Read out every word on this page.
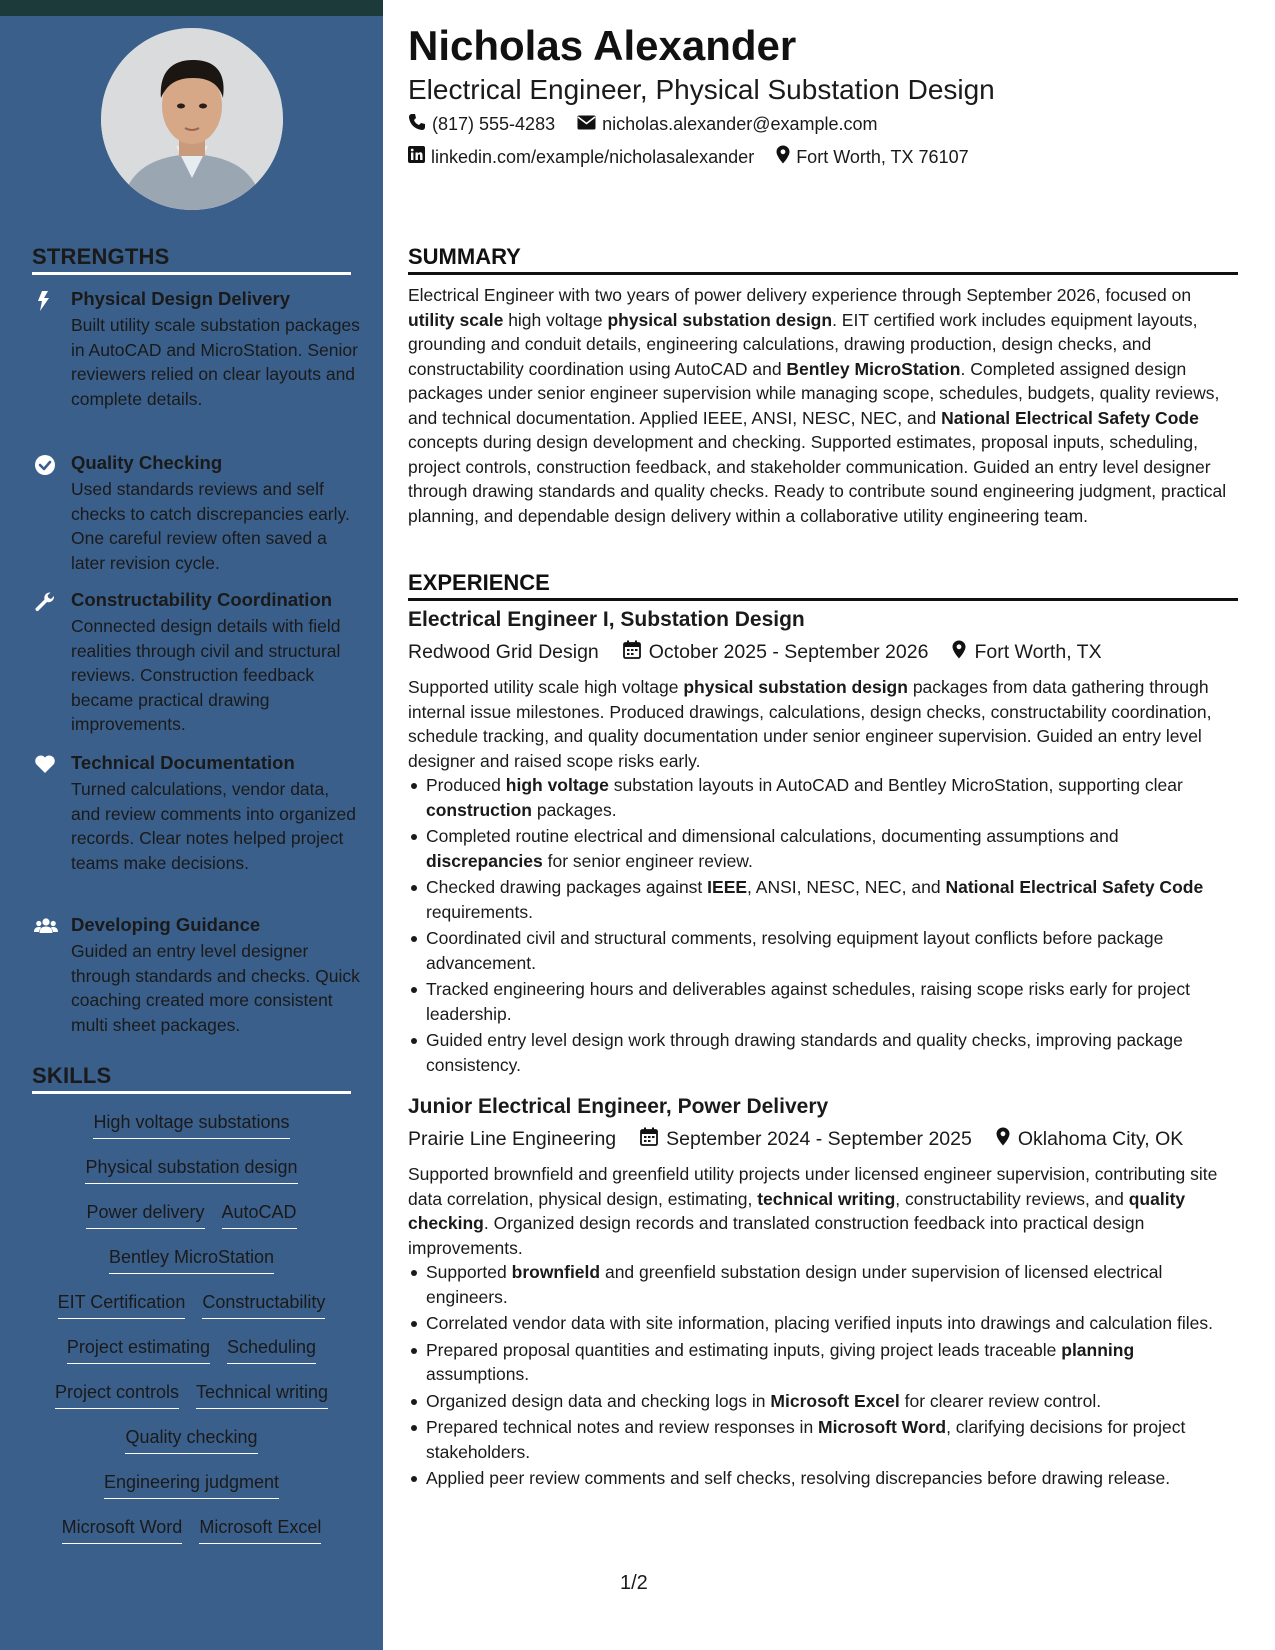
STRENGTHS
Physical Design Delivery
Built utility scale substation packages in AutoCAD and MicroStation. Senior reviewers relied on clear layouts and complete details.
Quality Checking
Used standards reviews and self checks to catch discrepancies early. One careful review often saved a later revision cycle.
Constructability Coordination
Connected design details with field realities through civil and structural reviews. Construction feedback became practical drawing improvements.
Technical Documentation
Turned calculations, vendor data, and review comments into organized records. Clear notes helped project teams make decisions.
Developing Guidance
Guided an entry level designer through standards and checks. Quick coaching created more consistent multi sheet packages.
SKILLS
High voltage substations
Physical substation design
Power delivery AutoCAD
Bentley MicroStation
EIT Certification Constructability
Project estimating Scheduling
Project controls Technical writing
Quality checking
Engineering judgment
Microsoft Word Microsoft Excel
Nicholas Alexander
Electrical Engineer, Physical Substation Design
(817) 555-4283	nicholas.alexander@example.com
linkedin.com/example/nicholasalexander Fort Worth, TX 76107
SUMMARY
Electrical Engineer with two years of power delivery experience through September 2026, focused on utility scale high voltage physical substation design. EIT certified work includes equipment layouts, grounding and conduit details, engineering calculations, drawing production, design checks, and constructability coordination using AutoCAD and Bentley MicroStation. Completed assigned design packages under senior engineer supervision while managing scope, schedules, budgets, quality reviews, and technical documentation. Applied IEEE, ANSI, NESC, NEC, and National Electrical Safety Code concepts during design development and checking. Supported estimates, proposal inputs, scheduling, project controls, construction feedback, and stakeholder communication. Guided an entry level designer through drawing standards and quality checks. Ready to contribute sound engineering judgment, practical planning, and dependable design delivery within a collaborative utility engineering team.
EXPERIENCE
Electrical Engineer I, Substation Design
Redwood Grid Design	October 2025 - September 2026 Fort Worth, TX
Supported utility scale high voltage physical substation design packages from data gathering through internal issue milestones. Produced drawings, calculations, design checks, constructability coordination, schedule tracking, and quality documentation under senior engineer supervision. Guided an entry level designer and raised scope risks early.
Produced high voltage substation layouts in AutoCAD and Bentley MicroStation, supporting clear construction packages.
Completed routine electrical and dimensional calculations, documenting assumptions and discrepancies for senior engineer review.
Checked drawing packages against IEEE, ANSI, NESC, NEC, and National Electrical Safety Code requirements.
Coordinated civil and structural comments, resolving equipment layout conflicts before package advancement.
Tracked engineering hours and deliverables against schedules, raising scope risks early for project leadership.
Guided entry level design work through drawing standards and quality checks, improving package consistency.
Junior Electrical Engineer, Power Delivery
Prairie Line Engineering	September 2024 - September 2025 Oklahoma City, OK
Supported brownfield and greenfield utility projects under licensed engineer supervision, contributing site data correlation, physical design, estimating, technical writing, constructability reviews, and quality checking. Organized design records and translated construction feedback into practical design improvements.
Supported brownfield and greenfield substation design under supervision of licensed electrical engineers.
Correlated vendor data with site information, placing verified inputs into drawings and calculation files.
Prepared proposal quantities and estimating inputs, giving project leads traceable planning assumptions.
Organized design data and checking logs in Microsoft Excel for clearer review control.
Prepared technical notes and review responses in Microsoft Word, clarifying decisions for project stakeholders.
Applied peer review comments and self checks, resolving discrepancies before drawing release.
1/2
